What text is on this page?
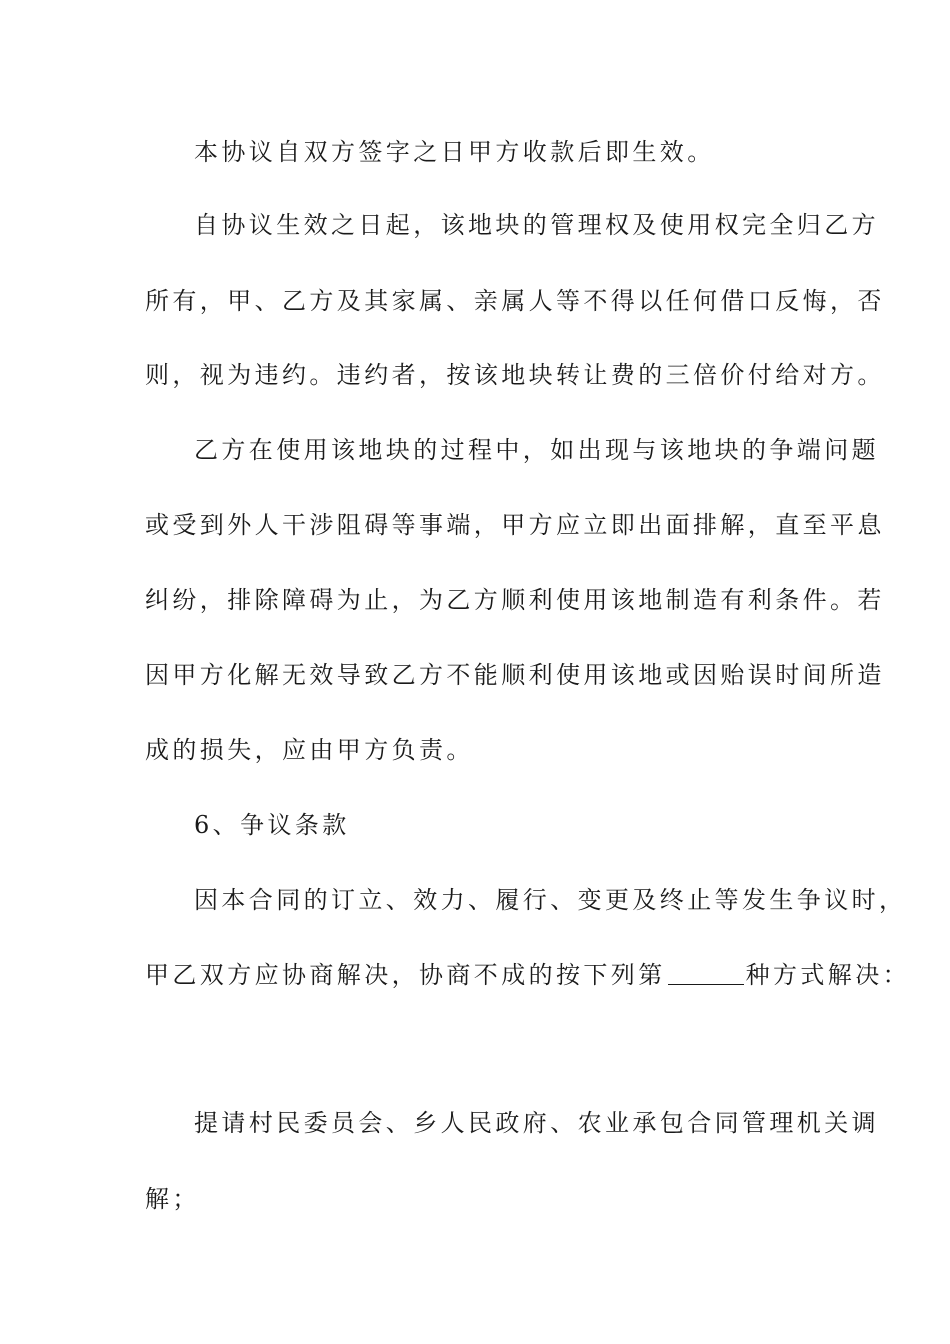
本协议自双方签字之日甲方收款后即生效。
自协议生效之日起，该地块的管理权及使用权完全归乙方
所有，甲、乙方及其家属、亲属人等不得以任何借口反悔，否
则，视为违约。违约者，按该地块转让费的三倍价付给对方。
乙方在使用该地块的过程中，如出现与该地块的争端问题
或受到外人干涉阻碍等事端，甲方应立即出面排解，直至平息
纠纷，排除障碍为止，为乙方顺利使用该地制造有利条件。若
因甲方化解无效导致乙方不能顺利使用该地或因贻误时间所造
成的损失，应由甲方负责。
6、争议条款
因本合同的订立、效力、履行、变更及终止等发生争议时，
甲乙双方应协商解决，协商不成的按下列第	种方式解决：
提请村民委员会、乡人民政府、农业承包合同管理机关调
解；
